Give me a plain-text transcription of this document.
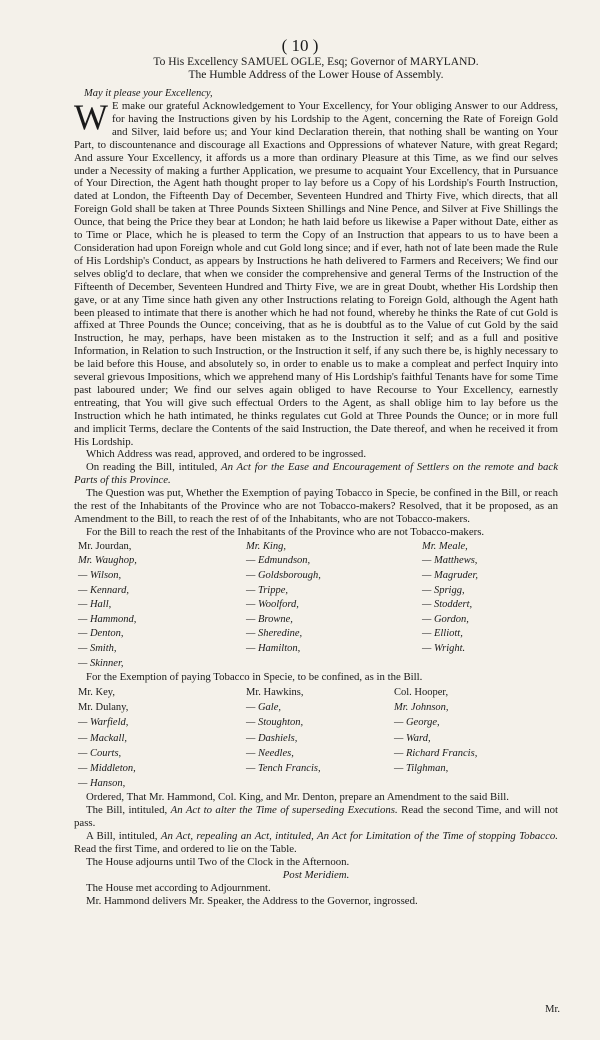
( 10 )
To His Excellency SAMUEL OGLE, Esq; Governor of MARYLAND.
The Humble Address of the Lower House of Assembly.
May it please your Excellency,
W E make our grateful Acknowledgement to Your Excellency, for Your obliging Answer to our Address, for having the Instructions given by his Lordship to the Agent, concerning the Rate of Foreign Gold and Silver, laid before us; and Your kind Declaration therein, that nothing shall be wanting on Your Part, to discountenance and discourage all Exactions and Oppressions of whatever Nature, with great Regard; And assure Your Excellency, it affords us a more than ordinary Pleasure at this Time, as we find our selves under a Necessity of making a further Application, we presume to acquaint Your Excellency, that in Pursuance of Your Direction, the Agent hath thought proper to lay before us a Copy of his Lordship's Fourth Instruction, dated at London, the Fifteenth Day of December, Seventeen Hundred and Thirty Five, which directs, that all Foreign Gold shall be taken at Three Pounds Sixteen Shillings and Nine Pence, and Silver at Five Shillings the Ounce, that being the Price they bear at London; he hath laid before us likewise a Paper without Date, either as to Time or Place, which he is pleased to term the Copy of an Instruction that appears to us to have been a Consideration had upon Foreign whole and cut Gold long since; and if ever, hath not of late been made the Rule of His Lordship's Conduct, as appears by Instructions he hath delivered to Farmers and Receivers; We find our selves oblig'd to declare, that when we consider the comprehensive and general Terms of the Instruction of the Fifteenth of December, Seventeen Hundred and Thirty Five, we are in great Doubt, whether His Lordship then gave, or at any Time since hath given any other Instructions relating to Foreign Gold, although the Agent hath been pleased to intimate that there is another which he had not found, whereby he thinks the Rate of cut Gold is affixed at Three Pounds the Ounce; conceiving, that as he is doubtful as to the Value of cut Gold by the said Instruction, he may, perhaps, have been mistaken as to the Instruction it self; and as a full and positive Information, in Relation to such Instruction, or the Instruction it self, if any such there be, is highly necessary to be laid before this House, and absolutely so, in order to enable us to make a compleat and perfect Inquiry into several grievous Impositions, which we apprehend many of His Lordship's faithful Tenants have for some Time past laboured under; We find our selves again obliged to have Recourse to Your Excellency, earnestly entreating, that You will give such effectual Orders to the Agent, as shall oblige him to lay before us the Instruction which he hath intimated, he thinks regulates cut Gold at Three Pounds the Ounce; or in more full and implicit Terms, declare the Contents of the said Instruction, the Date thereof, and when he received it from His Lordship.

Which Address was read, approved, and ordered to be ingrossed.

On reading the Bill, intituled, An Act for the Ease and Encouragement of Settlers on the remote and back Parts of this Province.

The Question was put, Whether the Exemption of paying Tobacco in Specie, be confined in the Bill, or reach the rest of the Inhabitants of the Province who are not Tobacco-makers? Resolved, that it be proposed, as an Amendment to the Bill, to reach the rest of of the Inhabitants, who are not Tobacco-makers.

For the Bill to reach the rest of the Inhabitants of the Province who are not Tobacco-makers.

Mr. Jourdan,
Mr. Waughop,
— Wilson,
— Kennard,
— Hall,
— Hammond,
— Denton,
— Smith,
— Skinner,
Mr. King,
— Edmundson,
— Goldsborough,
— Trippe,
— Woolford,
— Browne,
— Sheredine,
— Hamilton,
Mr. Meale,
— Matthews,
— Magruder,
— Sprigg,
— Stoddert,
— Gordon,
— Elliott,
— Wright.

For the Exemption of paying Tobacco in Specie, to be confined, as in the Bill.

Mr. Key,
Mr. Dulany,
— Warfield,
— Mackall,
— Courts,
— Middleton,
— Hanson,
Mr. Hawkins,
— Gale,
— Stoughton,
— Dashiels,
— Needles,
— Tench Francis,
Col. Hooper,
Mr. Johnson,
— George,
— Ward,
— Richard Francis,
— Tilghman,

Ordered, That Mr. Hammond, Col. King, and Mr. Denton, prepare an Amendment to the said Bill.

The Bill, intituled, An Act to alter the Time of superseding Executions. Read the second Time, and will not pass.

A Bill, intituled, An Act, repealing an Act, intituled, An Act for Limitation of the Time of stopping Tobacco. Read the first Time, and ordered to lie on the Table.

The House adjourns until Two of the Clock in the Afternoon.

Post Meridiem.

The House met according to Adjournment.

Mr. Hammond delivers Mr. Speaker, the Address to the Governor, ingrossed.

Mr.
